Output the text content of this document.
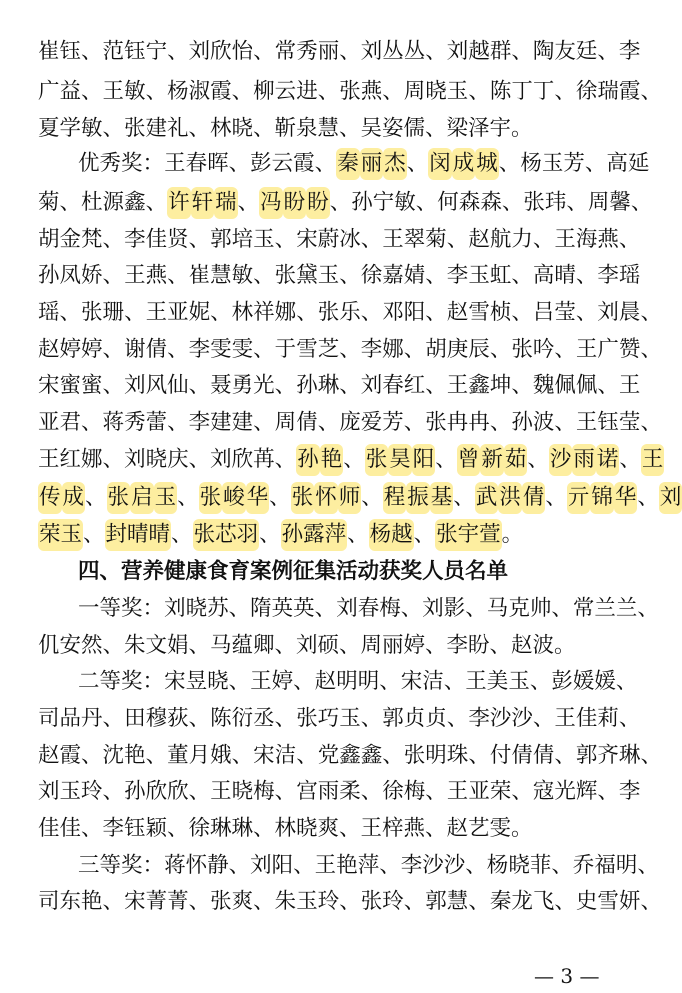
崔 钰 、 范 钰 宁 、 刘 欣 怡 、 常 秀 丽 、 刘 丛 丛 、 刘 越 群 、 陶 友 廷 、 李
广 益 、 王 敏 、 杨 淑 霞 、 柳 云 进 、 张 燕 、 周 晓 玉 、 陈 丁 丁 、 徐 瑞 霞 、
夏学敏、张建礼、林晓、靳泉慧、吴姿儒、梁泽宇。
优 秀 奖 ： 王 春 晖 、 彭 云 霞 、 秦 丽 杰 、 闵 成 城 、 杨 玉 芳 、 高 延
菊 、 杜 源 鑫 、 许 轩 瑞 、 冯 盼 盼 、 孙 宁 敏 、 何 森 森 、 张 玮 、 周 馨 、
胡 金 梵 、 李 佳 贤 、 郭 培 玉 、 宋 蔚 冰 、 王 翠 菊 、 赵 航 力 、 王 海 燕 、
孙 凤 娇 、 王 燕 、 崔 慧 敏 、 张 黛 玉 、 徐 嘉 婧 、 李 玉 虹 、 高 晴 、 李 瑶
瑶 、 张 珊 、 王 亚 妮 、 林 祥 娜 、 张 乐 、 邓 阳 、 赵 雪 桢 、 吕 莹 、 刘 晨 、
赵 婷 婷 、 谢 倩 、 李 雯 雯 、 于 雪 芝 、 李 娜 、 胡 庚 辰 、 张 吟 、 王 广 赞 、
宋 蜜 蜜 、 刘 风 仙 、 聂 勇 光 、 孙 琳 、 刘 春 红 、 王 鑫 坤 、 魏 佩 佩 、 王
亚 君 、 蒋 秀 蕾 、 李 建 建 、 周 倩 、 庞 爱 芳 、 张 冉 冉 、 孙 波 、 王 钰 莹 、
王 红 娜 、 刘 晓 庆 、 刘 欣 苒 、 孙 艳 、 张 昊 阳 、 曾 新 茹 、 沙 雨 诺 、 王
传 成 、 张 启 玉 、 张 峻 华 、 张 怀 师 、 程 振 基 、 武 洪 倩 、 亓 锦 华 、 刘
荣玉 、 封晴晴 、 张芯羽 、 孙露萍 、 杨越 、 张宇萱 。
四、营养健康食育案例征集活动获奖人员名单
一 等 奖 ： 刘 晓 苏 、 隋 英 英 、 刘 春 梅 、 刘 影 、 马 克 帅 、 常 兰 兰 、
仉安然、朱文娟、马蕴卿、刘硕、周丽婷、李盼、赵波。
二 等 奖 ： 宋 昱 晓 、 王 婷 、 赵 明 明 、 宋 洁 、 王 美 玉 、 彭 媛 媛 、
司 品 丹 、 田 穆 荻 、 陈 衍 丞 、 张 巧 玉 、 郭 贞 贞 、 李 沙 沙 、 王 佳 莉 、
赵 霞 、 沈 艳 、 董 月 娥 、 宋 洁 、 党 鑫 鑫 、 张 明 珠 、 付 倩 倩 、 郭 齐 琳 、
刘 玉 玲 、 孙 欣 欣 、 王 晓 梅 、 宫 雨 柔 、 徐 梅 、 王 亚 荣 、 寇 光 辉 、 李
佳佳、李钰颖、徐琳琳、林晓爽、王梓燕、赵艺雯。
三 等 奖 ： 蒋 怀 静 、 刘 阳 、 王 艳 萍 、 李 沙 沙 、 杨 晓 菲 、 乔 福 明 、
司 东 艳 、 宋 菁 菁 、 张 爽 、 朱 玉 玲 、 张 玲 、 郭 慧 、 秦 龙 飞 、 史 雪 妍 、
— 3 —
